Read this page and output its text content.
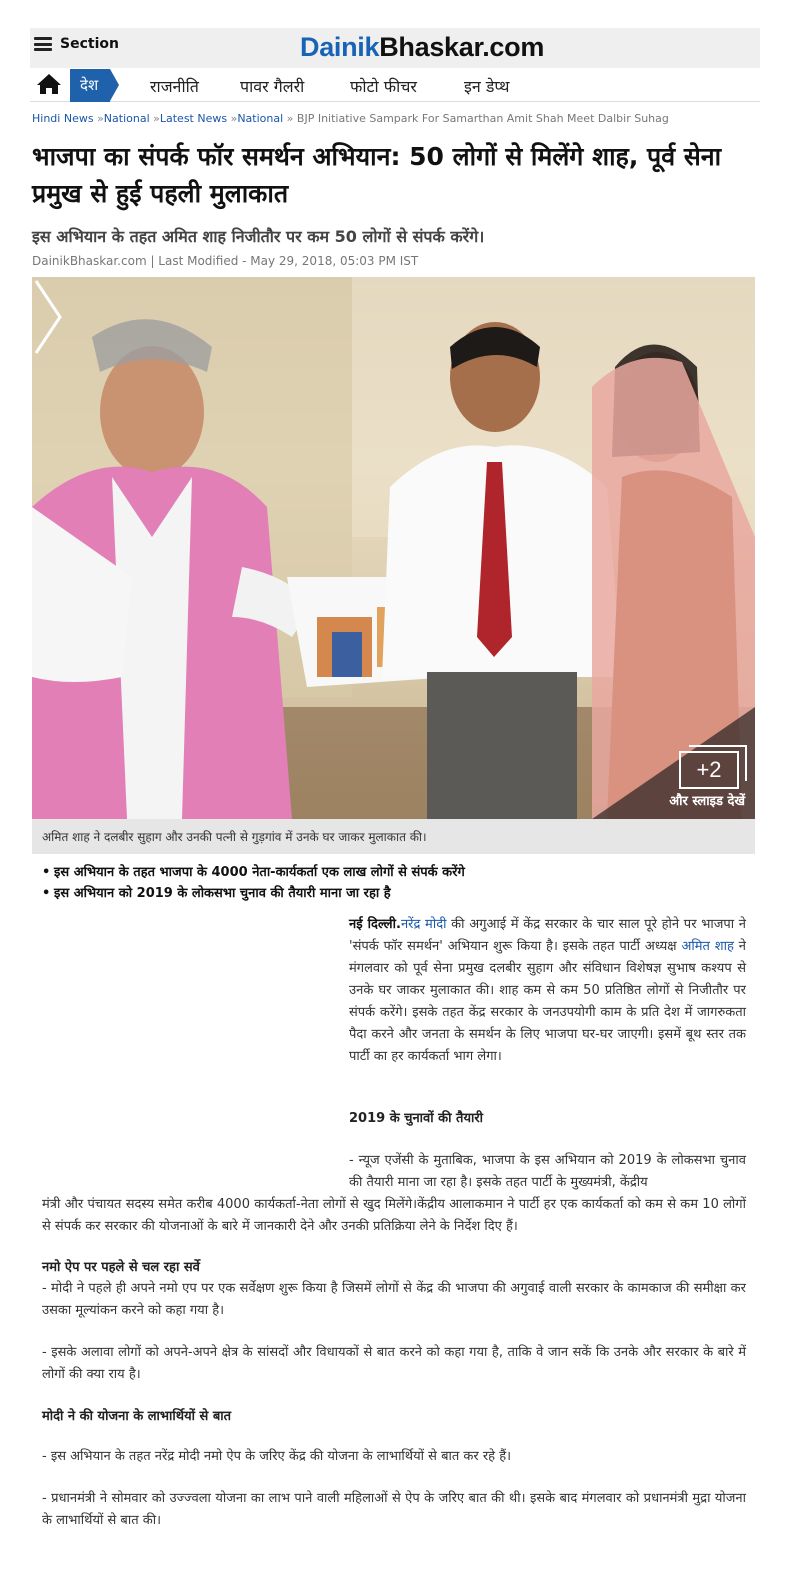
Section	DainikBhaskar.com
देश	राजनीति	पावर गैलरी	फोटो फीचर	इन डेप्थ
Hindi News »National »Latest News »National » BJP Initiative Sampark For Samarthan Amit Shah Meet Dalbir Suhag
भाजपा का संपर्क फॉर समर्थन अभियान: 50 लोगों से मिलेंगे शाह, पूर्व सेना प्रमुख से हुई पहली मुलाकात
इस अभियान के तहत अमित शाह निजीतौर पर कम 50 लोगों से संपर्क करेंगे।
DainikBhaskar.com | Last Modified - May 29, 2018, 05:03 PM IST
+2
और स्लाइड देखें
अमित शाह ने दलबीर सुहाग और उनकी पत्नी से गुड़गांव में उनके घर जाकर मुलाकात की।
• इस अभियान के तहत भाजपा के 4000 नेता-कार्यकर्ता एक लाख लोगों से संपर्क करेंगे
• इस अभियान को 2019 के लोकसभा चुनाव की तैयारी माना जा रहा है

नई दिल्ली.नरेंद्र मोदी की अगुआई में केंद्र सरकार के चार साल पूरे होने पर भाजपा ने 'संपर्क फॉर समर्थन' अभियान शुरू किया है। इसके तहत पार्टी अध्यक्ष अमित शाह ने मंगलवार को पूर्व सेना प्रमुख दलबीर सुहाग और संविधान विशेषज्ञ सुभाष कश्यप से उनके घर जाकर मुलाकात की। शाह कम से कम 50 प्रतिष्ठित लोगों से निजीतौर पर संपर्क करेंगे। इसके तहत केंद्र सरकार के जनउपयोगी काम के प्रति देश में जागरुकता पैदा करने और जनता के समर्थन के लिए भाजपा घर-घर जाएगी। इसमें बूथ स्तर तक पार्टी का हर कार्यकर्ता भाग लेगा।

2019 के चुनावों की तैयारी

- न्यूज एजेंसी के मुताबिक, भाजपा के इस अभियान को 2019 के लोकसभा चुनाव की तैयारी माना जा रहा है। इसके तहत पार्टी के मुख्यमंत्री, केंद्रीय

मंत्री और पंचायत सदस्य समेत करीब 4000 कार्यकर्ता-नेता लोगों से खुद मिलेंगे।केंद्रीय आलाकमान ने पार्टी हर एक कार्यकर्ता को कम से कम 10 लोगों से संपर्क कर सरकार की योजनाओं के बारे में जानकारी देने और उनकी प्रतिक्रिया लेने के निर्देश दिए हैं।

नमो ऐप पर पहले से चल रहा सर्वे

- मोदी ने पहले ही अपने नमो एप पर एक सर्वेक्षण शुरू किया है जिसमें लोगों से केंद्र की भाजपा की अगुवाई वाली सरकार के कामकाज की समीक्षा कर उसका मूल्यांकन करने को कहा गया है।

- इसके अलावा लोगों को अपने-अपने क्षेत्र के सांसदों और विधायकों से बात करने को कहा गया है, ताकि वे जान सकें कि उनके और सरकार के बारे में लोगों की क्या राय है।

मोदी ने की योजना के लाभार्थियों से बात

- इस अभियान के तहत नरेंद्र मोदी नमो ऐप के जरिए केंद्र की योजना के लाभार्थियों से बात कर रहे हैं।

- प्रधानमंत्री ने सोमवार को उज्ज्वला योजना का लाभ पाने वाली महिलाओं से ऐप के जरिए बात की थी। इसके बाद मंगलवार को प्रधानमंत्री मुद्रा योजना के लाभार्थियों से बात की।
